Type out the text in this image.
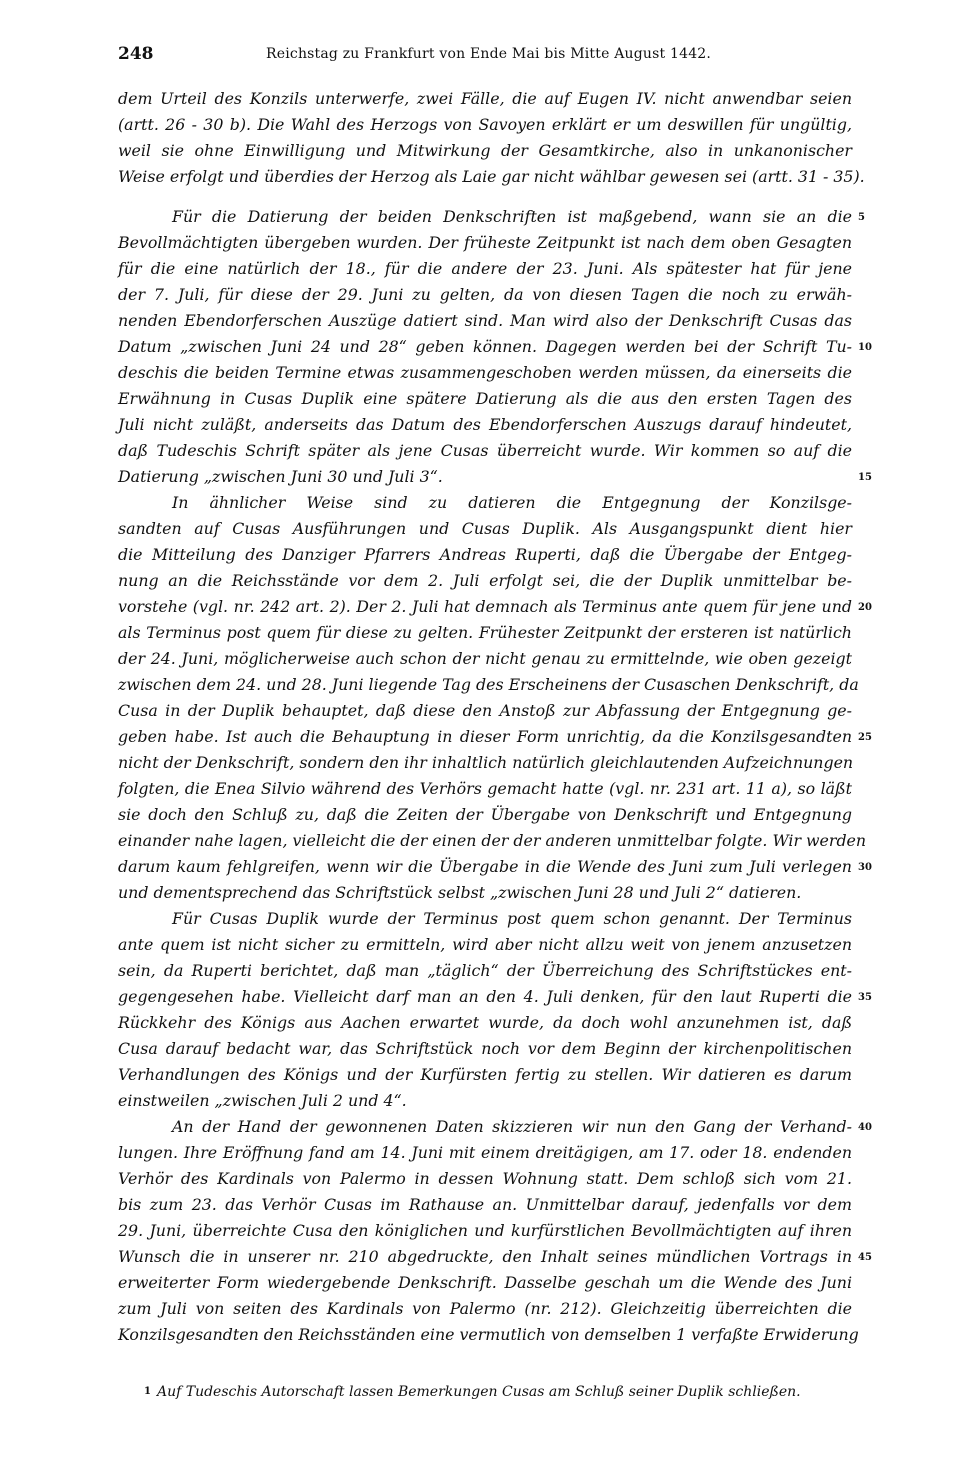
248	Reichstag zu Frankfurt von Ende Mai bis Mitte August 1442.
dem Urteil des Konzils unterwerfe, zwei Fälle, die auf Eugen IV. nicht anwendbar seien
(artt. 26 - 30 b). Die Wahl des Herzogs von Savoyen erklärt er um deswillen für ungültig,
weil sie ohne Einwilligung und Mitwirkung der Gesamtkirche, also in unkanonischer
Weise erfolgt und überdies der Herzog als Laie gar nicht wählbar gewesen sei (artt. 31 - 35).
Für die Datierung der beiden Denkschriften ist maßgebend, wann sie an die
Bevollmächtigten übergeben wurden. Der früheste Zeitpunkt ist nach dem oben Gesagten
für die eine natürlich der 18., für die andere der 23. Juni. Als spätester hat für jene
der 7. Juli, für diese der 29. Juni zu gelten, da von diesen Tagen die noch zu erwäh-
nenden Ebendorferschen Auszüge datiert sind. Man wird also der Denkschrift Cusas das
Datum „zwischen Juni 24 und 28“ geben können. Dagegen werden bei der Schrift Tu-
deschis die beiden Termine etwas zusammengeschoben werden müssen, da einerseits die
Erwähnung in Cusas Duplik eine spätere Datierung als die aus den ersten Tagen des
Juli nicht zuläßt, anderseits das Datum des Ebendorferschen Auszugs darauf hindeutet,
daß Tudeschis Schrift später als jene Cusas überreicht wurde. Wir kommen so auf die
Datierung „zwischen Juni 30 und Juli 3“.
In ähnlicher Weise sind zu datieren die Entgegnung der Konzilsge-
sandten auf Cusas Ausführungen und Cusas Duplik. Als Ausgangspunkt dient hier
die Mitteilung des Danziger Pfarrers Andreas Ruperti, daß die Übergabe der Entgeg-
nung an die Reichsstände vor dem 2. Juli erfolgt sei, die der Duplik unmittelbar be-
vorstehe (vgl. nr. 242 art. 2). Der 2. Juli hat demnach als Terminus ante quem für jene und
als Terminus post quem für diese zu gelten. Frühester Zeitpunkt der ersteren ist natürlich
der 24. Juni, möglicherweise auch schon der nicht genau zu ermittelnde, wie oben gezeigt
zwischen dem 24. und 28. Juni liegende Tag des Erscheinens der Cusaschen Denkschrift, da
Cusa in der Duplik behauptet, daß diese den Anstoß zur Abfassung der Entgegnung ge-
geben habe. Ist auch die Behauptung in dieser Form unrichtig, da die Konzilsgesandten
nicht der Denkschrift, sondern den ihr inhaltlich natürlich gleichlautenden Aufzeichnungen
folgten, die Enea Silvio während des Verhörs gemacht hatte (vgl. nr. 231 art. 11 a), so läßt
sie doch den Schluß zu, daß die Zeiten der Übergabe von Denkschrift und Entgegnung
einander nahe lagen, vielleicht die der einen der der anderen unmittelbar folgte. Wir werden
darum kaum fehlgreifen, wenn wir die Übergabe in die Wende des Juni zum Juli verlegen
und dementsprechend das Schriftstück selbst „zwischen Juni 28 und Juli 2“ datieren.
Für Cusas Duplik wurde der Terminus post quem schon genannt. Der Terminus
ante quem ist nicht sicher zu ermitteln, wird aber nicht allzu weit von jenem anzusetzen
sein, da Ruperti berichtet, daß man „täglich“ der Überreichung des Schriftstückes ent-
gegengesehen habe. Vielleicht darf man an den 4. Juli denken, für den laut Ruperti die
Rückkehr des Königs aus Aachen erwartet wurde, da doch wohl anzunehmen ist, daß
Cusa darauf bedacht war, das Schriftstück noch vor dem Beginn der kirchenpolitischen
Verhandlungen des Königs und der Kurfürsten fertig zu stellen. Wir datieren es darum
einstweilen „zwischen Juli 2 und 4“.
An der Hand der gewonnenen Daten skizzieren wir nun den Gang der Verhand-
lungen. Ihre Eröffnung fand am 14. Juni mit einem dreitägigen, am 17. oder 18. endenden
Verhör des Kardinals von Palermo in dessen Wohnung statt. Dem schloß sich vom 21.
bis zum 23. das Verhör Cusas im Rathause an. Unmittelbar darauf, jedenfalls vor dem
29. Juni, überreichte Cusa den königlichen und kurfürstlichen Bevollmächtigten auf ihren
Wunsch die in unserer nr. 210 abgedruckte, den Inhalt seines mündlichen Vortrags in
erweiterter Form wiedergebende Denkschrift. Dasselbe geschah um die Wende des Juni
zum Juli von seiten des Kardinals von Palermo (nr. 212). Gleichzeitig überreichten die
Konzilsgesandten den Reichsständen eine vermutlich von demselben 1 verfaßte Erwiderung
5
10
15
20
25
30
35
40
45
$^1$ Auf Tudeschis Autorschaft lassen Bemerkungen Cusas am Schluß seiner Duplik schließen.
